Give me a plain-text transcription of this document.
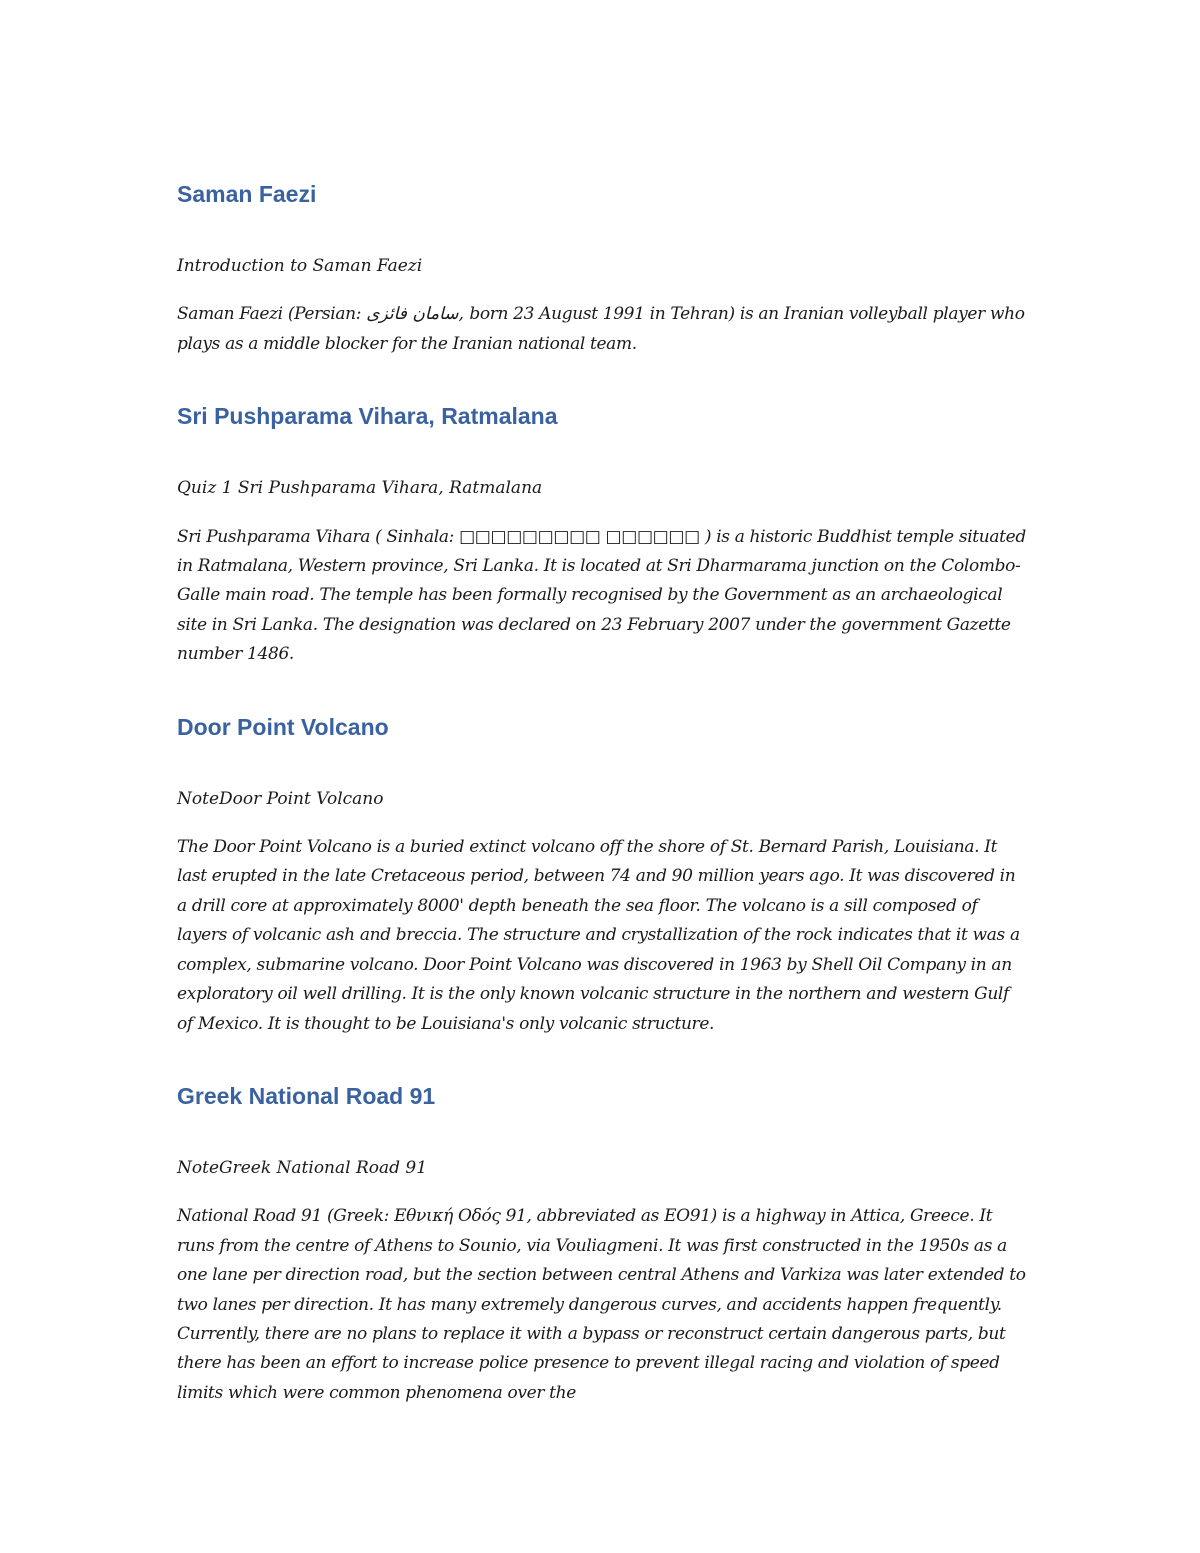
Saman Faezi

Introduction to Saman Faezi

Saman Faezi (Persian: سامان فائزی, born 23 August 1991 in Tehran) is an Iranian volleyball player who plays as a middle blocker for the Iranian national team.

Sri Pushparama Vihara, Ratmalana

Quiz 1 Sri Pushparama Vihara, Ratmalana

Sri Pushparama Vihara ( Sinhala: □□□□□□□□□ □□□□□□ ) is a historic Buddhist temple situated in Ratmalana, Western province, Sri Lanka. It is located at Sri Dharmarama junction on the Colombo-Galle main road. The temple has been formally recognised by the Government as an archaeological site in Sri Lanka. The designation was declared on 23 February 2007 under the government Gazette number 1486.

Door Point Volcano

NoteDoor Point Volcano

The Door Point Volcano is a buried extinct volcano off the shore of St. Bernard Parish, Louisiana. It last erupted in the late Cretaceous period, between 74 and 90 million years ago. It was discovered in a drill core at approximately 8000' depth beneath the sea floor. The volcano is a sill composed of layers of volcanic ash and breccia. The structure and crystallization of the rock indicates that it was a complex, submarine volcano. Door Point Volcano was discovered in 1963 by Shell Oil Company in an exploratory oil well drilling. It is the only known volcanic structure in the northern and western Gulf of Mexico. It is thought to be Louisiana's only volcanic structure.

Greek National Road 91

NoteGreek National Road 91

National Road 91 (Greek: Εθνική Οδός 91, abbreviated as EO91) is a highway in Attica, Greece. It runs from the centre of Athens to Sounio, via Vouliagmeni. It was first constructed in the 1950s as a one lane per direction road, but the section between central Athens and Varkiza was later extended to two lanes per direction. It has many extremely dangerous curves, and accidents happen frequently. Currently, there are no plans to replace it with a bypass or reconstruct certain dangerous parts, but there has been an effort to increase police presence to prevent illegal racing and violation of speed limits which were common phenomena over the
